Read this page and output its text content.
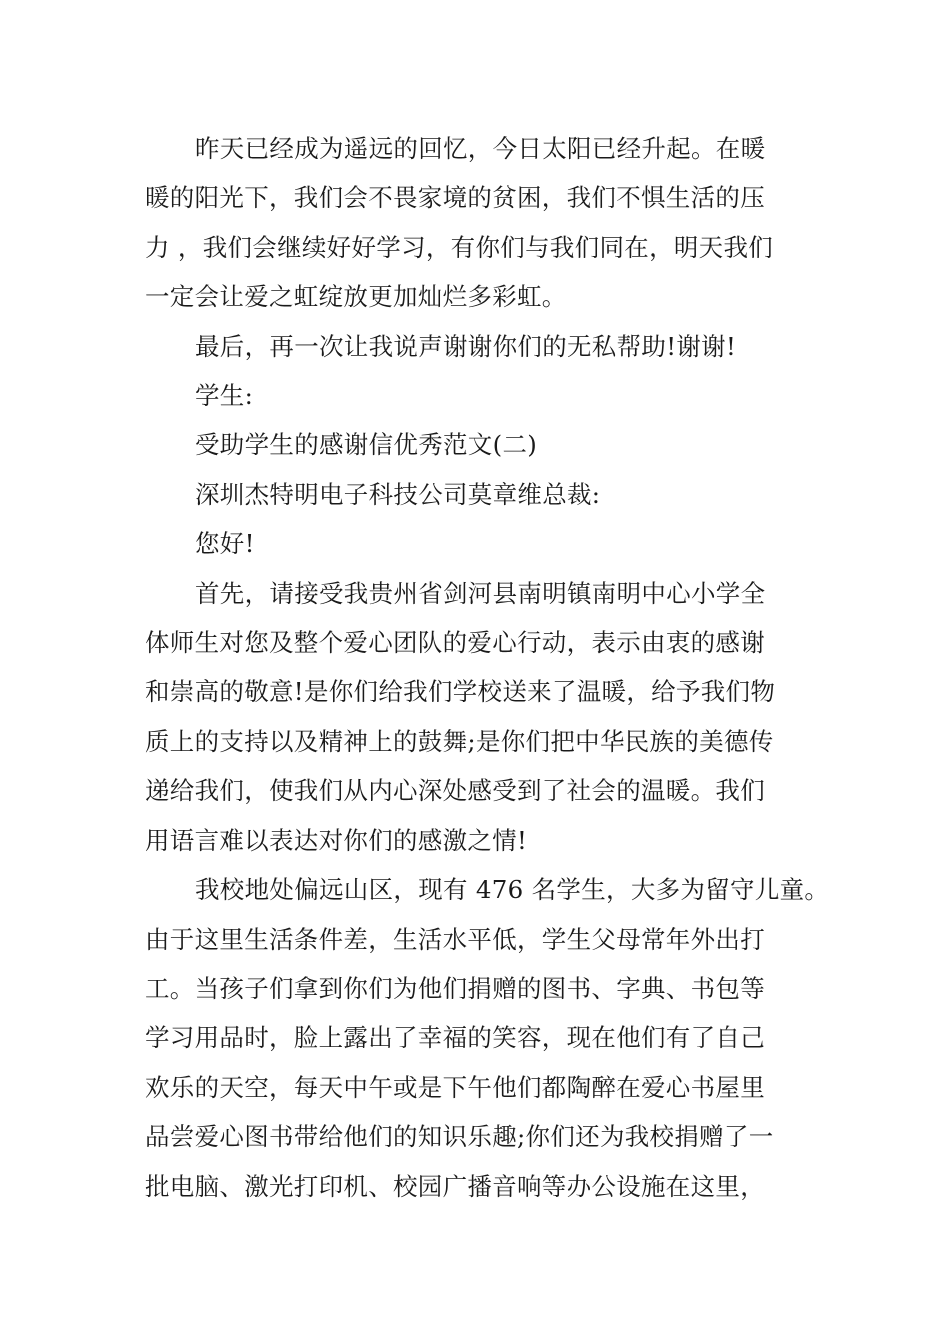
昨天已经成为遥远的回忆，今日太阳已经升起。在暖
暖的阳光下，我们会不畏家境的贫困，我们不惧生活的压
力 ，我们会继续好好学习，有你们与我们同在，明天我们
一定会让爱之虹绽放更加灿烂多彩虹。

最后，再一次让我说声谢谢你们的无私帮助!谢谢!

学生:

受助学生的感谢信优秀范文(二)

深圳杰特明电子科技公司莫章维总裁:

您好!

首先，请接受我贵州省剑河县南明镇南明中心小学全
体师生对您及整个爱心团队的爱心行动，表示由衷的感谢
和崇高的敬意!是你们给我们学校送来了温暖，给予我们物
质上的支持以及精神上的鼓舞;是你们把中华民族的美德传
递给我们，使我们从内心深处感受到了社会的温暖。我们
用语言难以表达对你们的感激之情!

我校地处偏远山区，现有 476 名学生，大多为留守儿童。
由于这里生活条件差，生活水平低，学生父母常年外出打
工。当孩子们拿到你们为他们捐赠的图书、字典、书包等
学习用品时，脸上露出了幸福的笑容，现在他们有了自己
欢乐的天空，每天中午或是下午他们都陶醉在爱心书屋里
品尝爱心图书带给他们的知识乐趣;你们还为我校捐赠了一
批电脑、激光打印机、校园广播音响等办公设施在这里，
